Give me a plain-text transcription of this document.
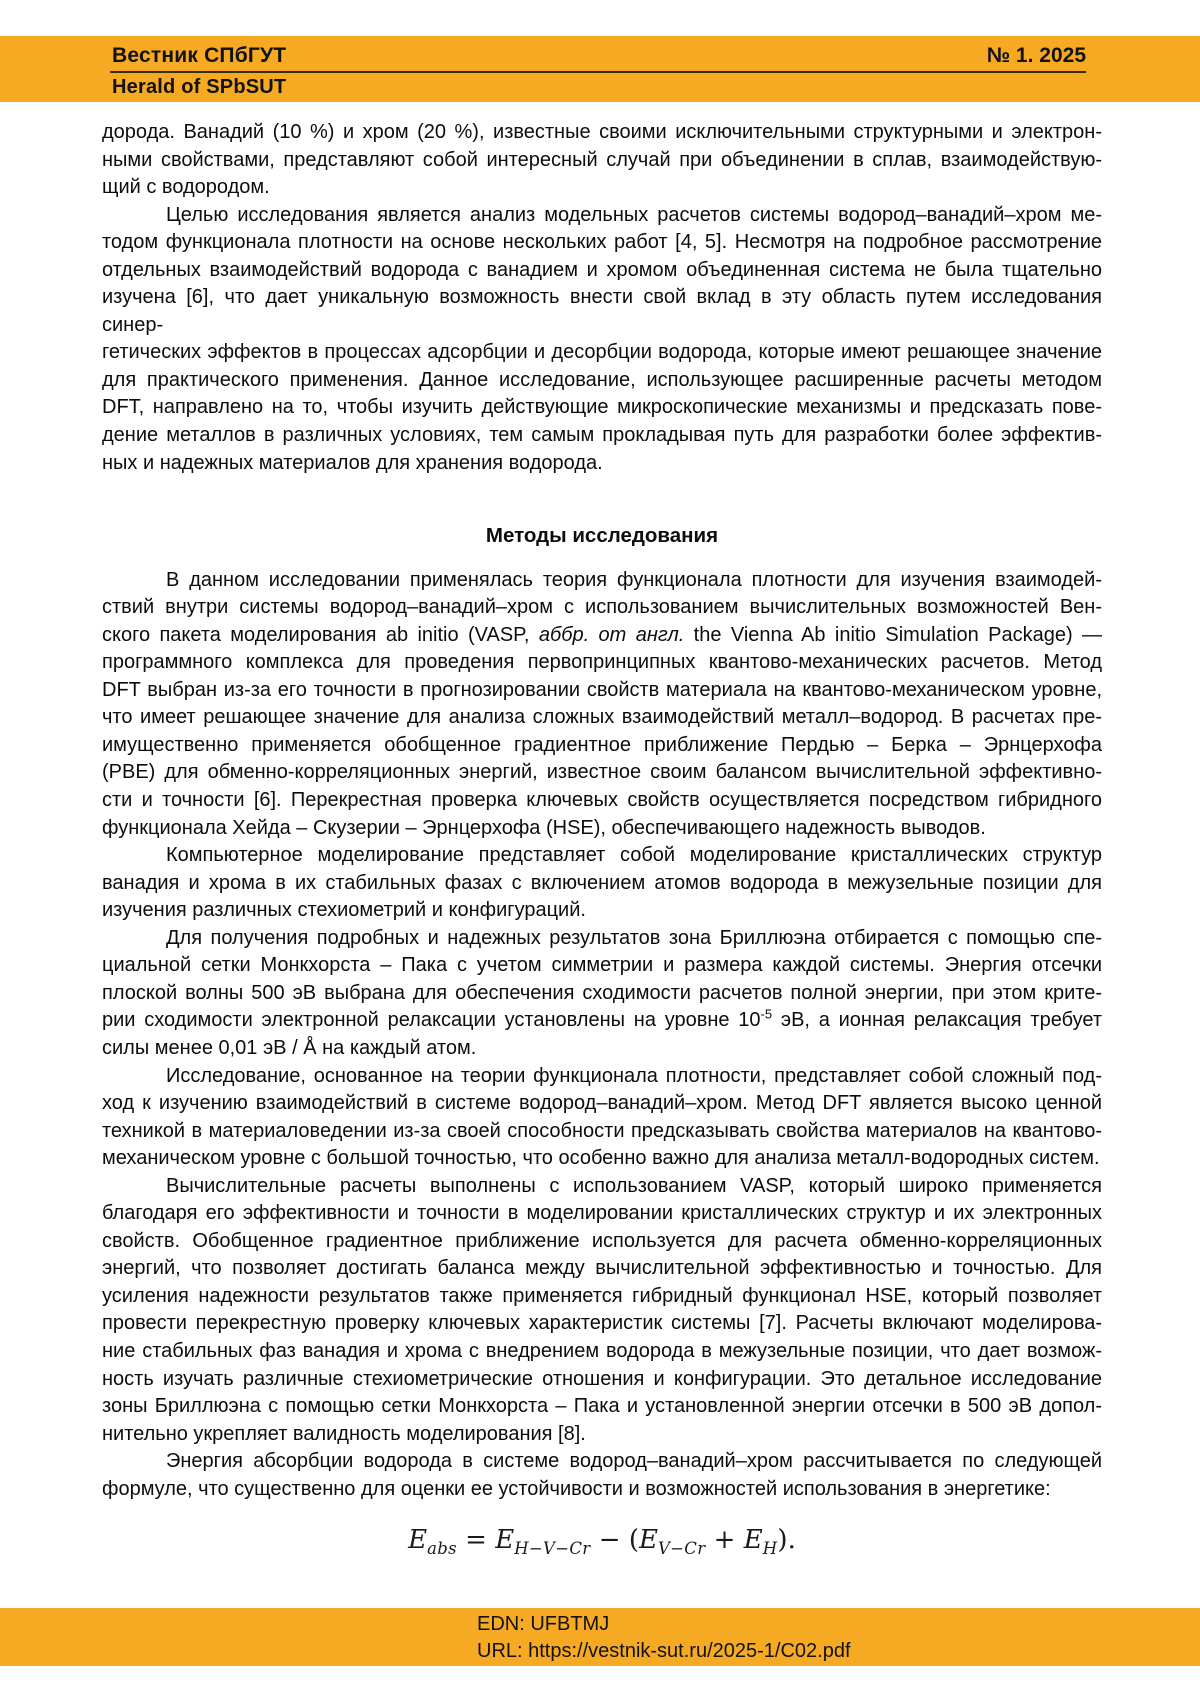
Вестник СПбГУТ	№ 1. 2025
Herald of SPbSUT
дорода. Ванадий (10 %) и хром (20 %), известные своими исключительными структурными и электрон-
ными свойствами, представляют собой интересный случай при объединении в сплав, взаимодействую-
щий с водородом.
Целью исследования является анализ модельных расчетов системы водород–ванадий–хром ме-
тодом функционала плотности на основе нескольких работ [4, 5]. Несмотря на подробное рассмотрение
отдельных взаимодействий водорода с ванадием и хромом объединенная система не была тщательно
изучена [6], что дает уникальную возможность внести свой вклад в эту область путем исследования синер-
гетических эффектов в процессах адсорбции и десорбции водорода, которые имеют решающее значение
для практического применения. Данное исследование, использующее расширенные расчеты методом
DFT, направлено на то, чтобы изучить действующие микроскопические механизмы и предсказать пове-
дение металлов в различных условиях, тем самым прокладывая путь для разработки более эффектив-
ных и надежных материалов для хранения водорода.
Методы исследования
В данном исследовании применялась теория функционала плотности для изучения взаимодей-
ствий внутри системы водород–ванадий–хром с использованием вычислительных возможностей Вен-
ского пакета моделирования ab initio (VASP, аббр. от англ. the Vienna Ab initio Simulation Package) —
программного комплекса для проведения первопринципных квантово-механических расчетов. Метод
DFT выбран из-за его точности в прогнозировании свойств материала на квантово-механическом уровне,
что имеет решающее значение для анализа сложных взаимодействий металл–водород. В расчетах пре-
имущественно применяется обобщенное градиентное приближение Пердью – Берка – Эрнцерхофа
(PBE) для обменно-корреляционных энергий, известное своим балансом вычислительной эффективно-
сти и точности [6]. Перекрестная проверка ключевых свойств осуществляется посредством гибридного
функционала Хейда – Скузерии – Эрнцерхофа (HSE), обеспечивающего надежность выводов.
Компьютерное моделирование представляет собой моделирование кристаллических структур
ванадия и хрома в их стабильных фазах с включением атомов водорода в межузельные позиции для
изучения различных стехиометрий и конфигураций.
Для получения подробных и надежных результатов зона Бриллюэна отбирается с помощью спе-
циальной сетки Монкхорста – Пака с учетом симметрии и размера каждой системы. Энергия отсечки
плоской волны 500 эВ выбрана для обеспечения сходимости расчетов полной энергии, при этом крите-
рии сходимости электронной релаксации установлены на уровне $10^{-5}$ эВ, а ионная релаксация требует
силы менее 0,01 эВ / Å на каждый атом.
Исследование, основанное на теории функционала плотности, представляет собой сложный под-
ход к изучению взаимодействий в системе водород–ванадий–хром. Метод DFT является высоко ценной
техникой в материаловедении из-за своей способности предсказывать свойства материалов на квантово-
механическом уровне с большой точностью, что особенно важно для анализа металл-водородных систем.
Вычислительные расчеты выполнены с использованием VASP, который широко применяется
благодаря его эффективности и точности в моделировании кристаллических структур и их электронных
свойств. Обобщенное градиентное приближение используется для расчета обменно-корреляционных
энергий, что позволяет достигать баланса между вычислительной эффективностью и точностью. Для
усиления надежности результатов также применяется гибридный функционал HSE, который позволяет
провести перекрестную проверку ключевых характеристик системы [7]. Расчеты включают моделирова-
ние стабильных фаз ванадия и хрома с внедрением водорода в межузельные позиции, что дает возмож-
ность изучать различные стехиометрические отношения и конфигурации. Это детальное исследование
зоны Бриллюэна с помощью сетки Монкхорста – Пака и установленной энергии отсечки в 500 эВ допол-
нительно укрепляет валидность моделирования [8].
Энергия абсорбции водорода в системе водород–ванадий–хром рассчитывается по следующей
формуле, что существенно для оценки ее устойчивости и возможностей использования в энергетике:
$E_{abs} = E_{H-V-Cr} - (E_{V-Cr} + E_H)$.
EDN: UFBTMJ
URL: https://vestnik-sut.ru/2025-1/C02.pdf
